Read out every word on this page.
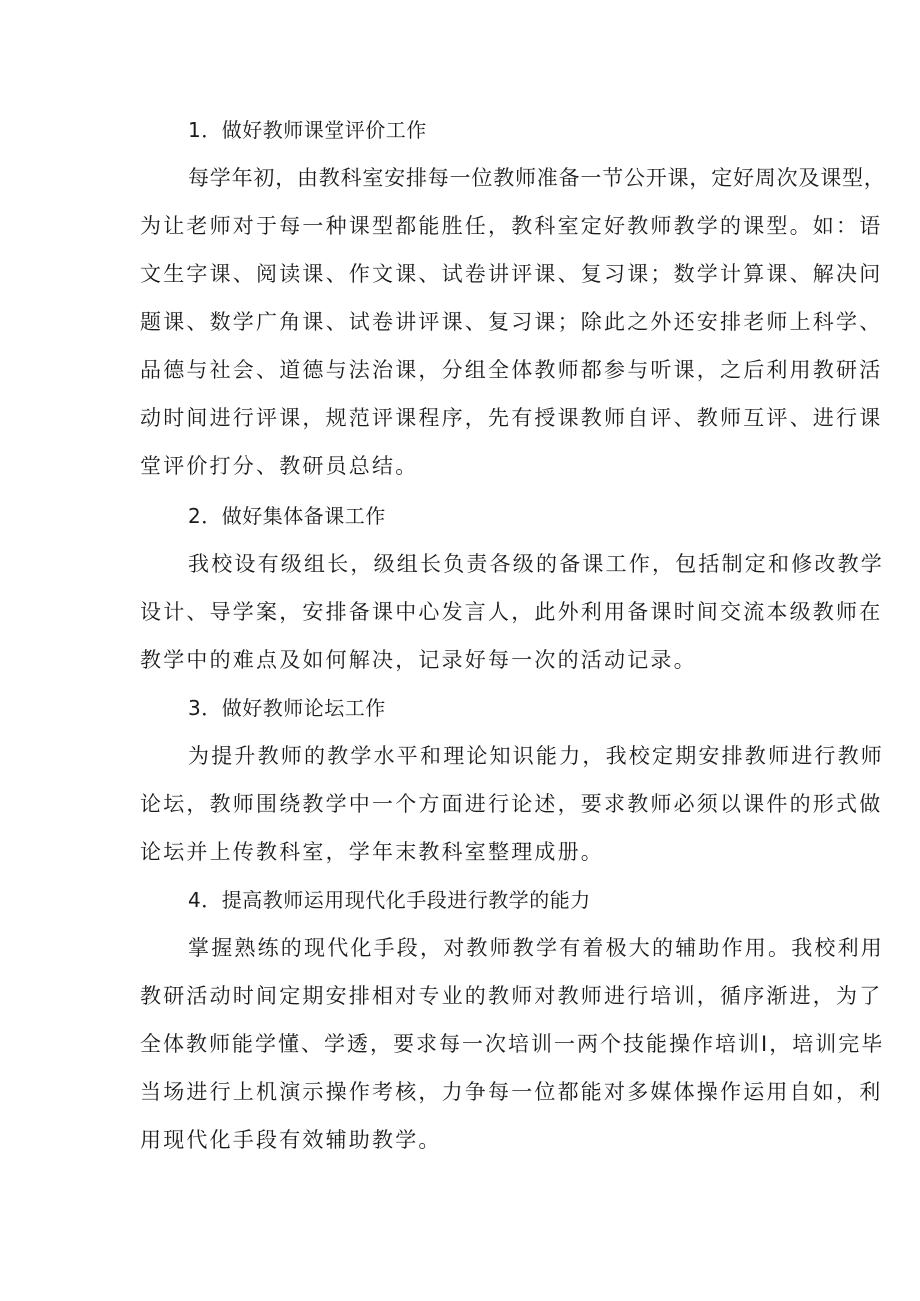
1．做好教师课堂评价工作

每学年初，由教科室安排每一位教师准备一节公开课，定好周次及课型，

为让老师对于每一种课型都能胜任，教科室定好教师教学的课型。如：语

文生字课、阅读课、作文课、试卷讲评课、复习课；数学计算课、解决问

题课、数学广角课、试卷讲评课、复习课；除此之外还安排老师上科学、

品德与社会、道德与法治课，分组全体教师都参与听课，之后利用教研活

动时间进行评课，规范评课程序，先有授课教师自评、教师互评、进行课

堂评价打分、教研员总结。

2．做好集体备课工作

我校设有级组长，级组长负责各级的备课工作，包括制定和修改教学

设计、导学案，安排备课中心发言人，此外利用备课时间交流本级教师在

教学中的难点及如何解决，记录好每一次的活动记录。

3．做好教师论坛工作

为提升教师的教学水平和理论知识能力，我校定期安排教师进行教师

论坛，教师围绕教学中一个方面进行论述，要求教师必须以课件的形式做

论坛并上传教科室，学年末教科室整理成册。

4．提高教师运用现代化手段进行教学的能力

掌握熟练的现代化手段，对教师教学有着极大的辅助作用。我校利用

教研活动时间定期安排相对专业的教师对教师进行培训，循序渐进，为了

全体教师能学懂、学透，要求每一次培训一两个技能操作培训I，培训完毕

当场进行上机演示操作考核，力争每一位都能对多媒体操作运用自如，利

用现代化手段有效辅助教学。
